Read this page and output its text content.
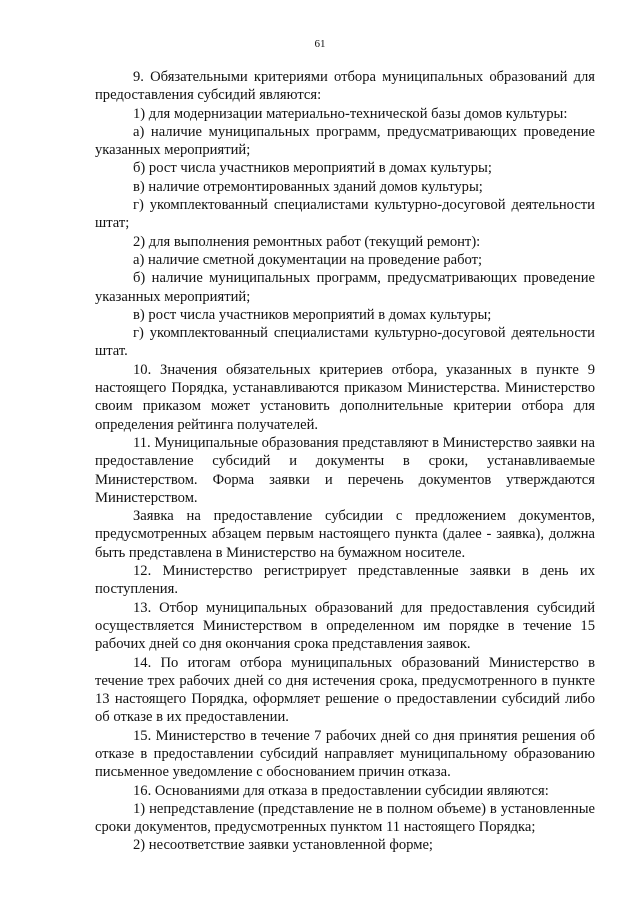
61

9. Обязательными критериями отбора муниципальных образований для предоставления субсидий являются:

1) для модернизации материально-технической базы домов культуры:

а) наличие муниципальных программ, предусматривающих проведение указанных мероприятий;

б) рост числа участников мероприятий в домах культуры;

в) наличие отремонтированных зданий домов культуры;

г) укомплектованный специалистами культурно-досуговой деятельности штат;

2) для выполнения ремонтных работ (текущий ремонт):

а) наличие сметной документации на проведение работ;

б) наличие муниципальных программ, предусматривающих проведение указанных мероприятий;

в) рост числа участников мероприятий в домах культуры;

г) укомплектованный специалистами культурно-досуговой деятельности штат.

10. Значения обязательных критериев отбора, указанных в пункте 9 настоящего Порядка, устанавливаются приказом Министерства. Министерство своим приказом может установить дополнительные критерии отбора для определения рейтинга получателей.

11. Муниципальные образования представляют в Министерство заявки на предоставление субсидий и документы в сроки, устанавливаемые Министерством. Форма заявки и перечень документов утверждаются Министерством.

Заявка на предоставление субсидии с предложением документов, предусмотренных абзацем первым настоящего пункта (далее - заявка), должна быть представлена в Министерство на бумажном носителе.

12. Министерство регистрирует представленные заявки в день их поступления.

13. Отбор муниципальных образований для предоставления субсидий осуществляется Министерством в определенном им порядке в течение 15 рабочих дней со дня окончания срока представления заявок.

14. По итогам отбора муниципальных образований Министерство в течение трех рабочих дней со дня истечения срока, предусмотренного в пункте 13 настоящего Порядка, оформляет решение о предоставлении субсидий либо об отказе в их предоставлении.

15. Министерство в течение 7 рабочих дней со дня принятия решения об отказе в предоставлении субсидий направляет муниципальному образованию письменное уведомление с обоснованием причин отказа.

16. Основаниями для отказа в предоставлении субсидии являются:

1) непредставление (представление не в полном объеме) в установленные сроки документов, предусмотренных пунктом 11 настоящего Порядка;

2) несоответствие заявки установленной форме;
